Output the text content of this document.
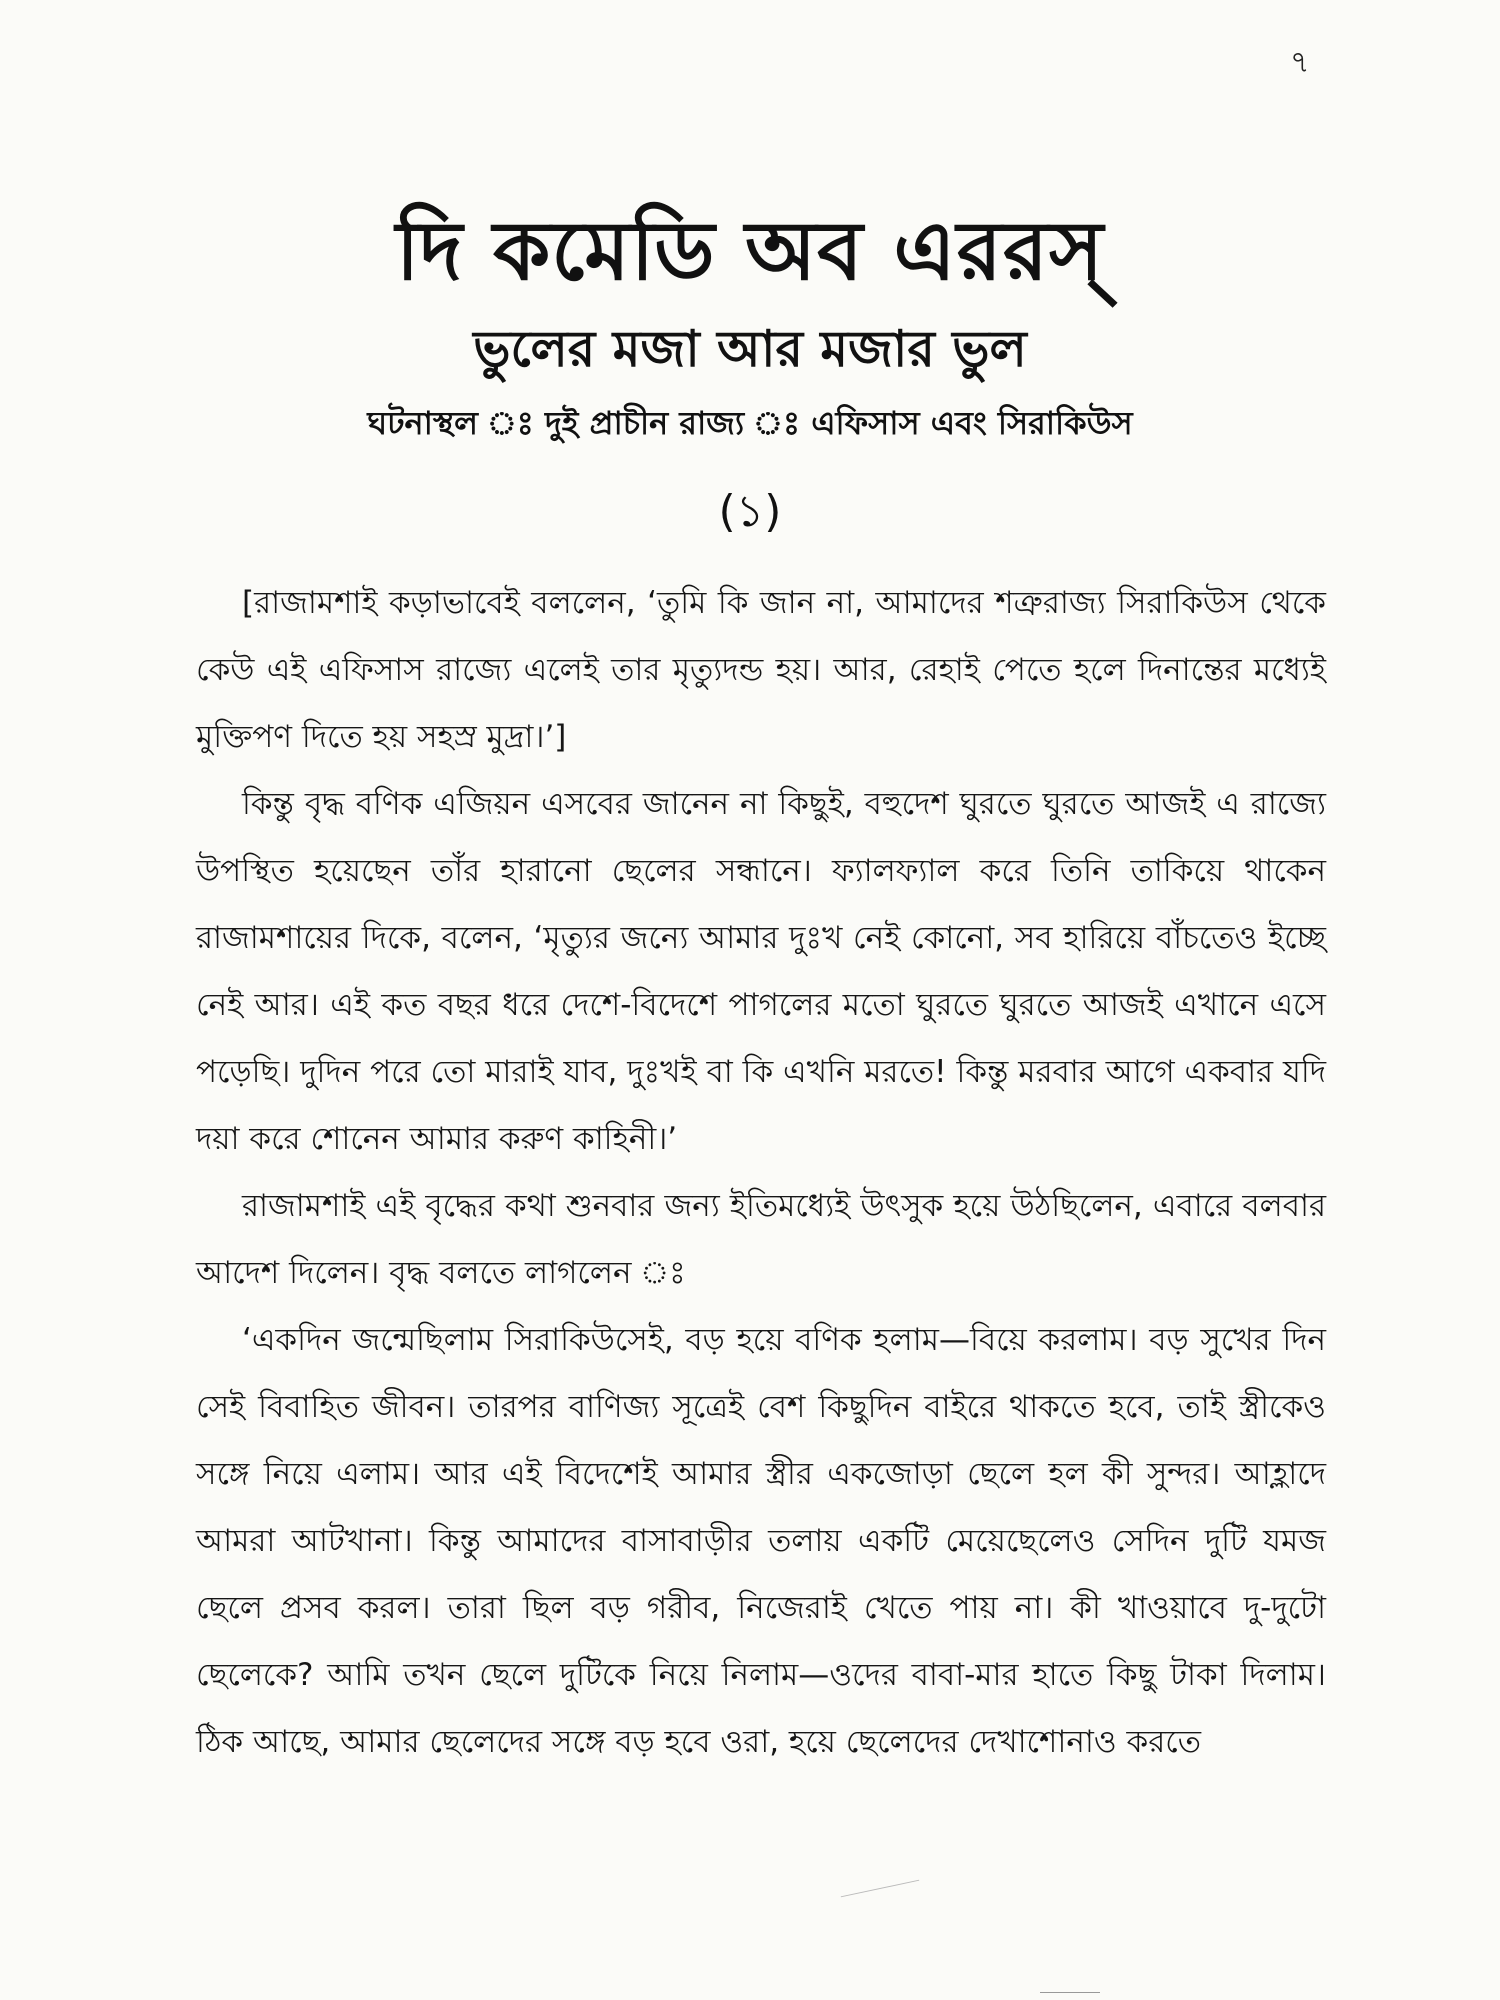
৭
দি কমেডি অব এররস্‌
ভুলের মজা আর মজার ভুল
ঘটনাস্থল ঃ দুই প্রাচীন রাজ্য ঃ এফিসাস এবং সিরাকিউস
(১)

[রাজামশাই কড়াভাবেই বললেন, ‘তুমি কি জান না, আমাদের শত্রুরাজ্য সিরাকিউস থেকে কেউ এই এফিসাস রাজ্যে এলেই তার মৃত্যুদন্ড হয়। আর, রেহাই পেতে হলে দিনান্তের মধ্যেই মুক্তিপণ দিতে হয় সহস্র মুদ্রা।’]

কিন্তু বৃদ্ধ বণিক এজিয়ন এসবের জানেন না কিছুই, বহুদেশ ঘুরতে ঘুরতে আজই এ রাজ্যে উপস্থিত হয়েছেন তাঁর হারানো ছেলের সন্ধানে। ফ্যালফ্যাল করে তিনি তাকিয়ে থাকেন রাজামশায়ের দিকে, বলেন, ‘মৃত্যুর জন্যে আমার দুঃখ নেই কোনো, সব হারিয়ে বাঁচতেও ইচ্ছে নেই আর। এই কত বছর ধরে দেশে-বিদেশে পাগলের মতো ঘুরতে ঘুরতে আজই এখানে এসে পড়েছি। দুদিন পরে তো মারাই যাব, দুঃখই বা কি এখনি মরতে! কিন্তু মরবার আগে একবার যদি দয়া করে শোনেন আমার করুণ কাহিনী।’

রাজামশাই এই বৃদ্ধের কথা শুনবার জন্য ইতিমধ্যেই উৎসুক হয়ে উঠছিলেন, এবারে বলবার আদেশ দিলেন। বৃদ্ধ বলতে লাগলেন ঃ

‘একদিন জন্মেছিলাম সিরাকিউসেই, বড় হয়ে বণিক হলাম—বিয়ে করলাম। বড় সুখের দিন সেই বিবাহিত জীবন। তারপর বাণিজ্য সূত্রেই বেশ কিছুদিন বাইরে থাকতে হবে, তাই স্ত্রীকেও সঙ্গে নিয়ে এলাম। আর এই বিদেশেই আমার স্ত্রীর একজোড়া ছেলে হল কী সুন্দর। আহ্লাদে আমরা আটখানা। কিন্তু আমাদের বাসাবাড়ীর তলায় একটি মেয়েছেলেও সেদিন দুটি যমজ ছেলে প্রসব করল। তারা ছিল বড় গরীব, নিজেরাই খেতে পায় না। কী খাওয়াবে দু-দুটো ছেলেকে? আমি তখন ছেলে দুটিকে নিয়ে নিলাম—ওদের বাবা-মার হাতে কিছু টাকা দিলাম। ঠিক আছে, আমার ছেলেদের সঙ্গে বড় হবে ওরা, হয়ে ছেলেদের দেখাশোনাও করতে
